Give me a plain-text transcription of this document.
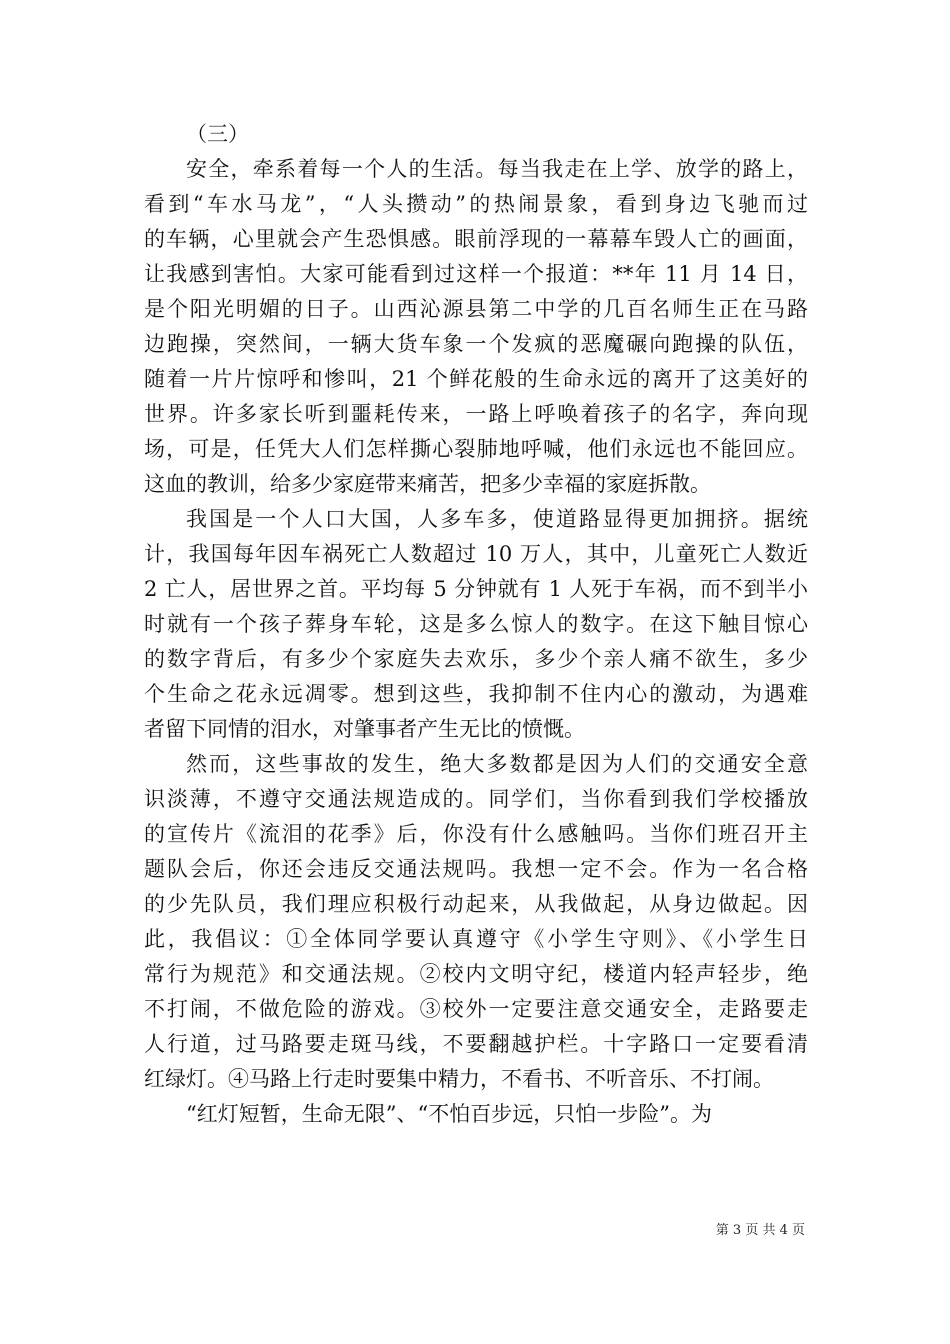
（三）

安全，牵系着每一个人的生活。每当我走在上学、放学的路上，

看到“车水马龙”，“人头攒动”的热闹景象，看到身边飞驰而过

的车辆，心里就会产生恐惧感。眼前浮现的一幕幕车毁人亡的画面，

让我感到害怕。大家可能看到过这样一个报道：**年 11 月 14 日，

是个阳光明媚的日子。山西沁源县第二中学的几百名师生正在马路

边跑操，突然间，一辆大货车象一个发疯的恶魔碾向跑操的队伍，

随着一片片惊呼和惨叫，21 个鲜花般的生命永远的离开了这美好的

世界。许多家长听到噩耗传来，一路上呼唤着孩子的名字，奔向现

场，可是，任凭大人们怎样撕心裂肺地呼喊，他们永远也不能回应。

这血的教训，给多少家庭带来痛苦，把多少幸福的家庭拆散。

我国是一个人口大国，人多车多，使道路显得更加拥挤。据统

计，我国每年因车祸死亡人数超过 10 万人，其中，儿童死亡人数近

2 亡人，居世界之首。平均每 5 分钟就有 1 人死于车祸，而不到半小

时就有一个孩子葬身车轮，这是多么惊人的数字。在这下触目惊心

的数字背后，有多少个家庭失去欢乐，多少个亲人痛不欲生，多少

个生命之花永远凋零。想到这些，我抑制不住内心的激动，为遇难

者留下同情的泪水，对肇事者产生无比的愤慨。

然而，这些事故的发生，绝大多数都是因为人们的交通安全意

识淡薄，不遵守交通法规造成的。同学们，当你看到我们学校播放

的宣传片《流泪的花季》后，你没有什么感触吗。当你们班召开主

题队会后，你还会违反交通法规吗。我想一定不会。作为一名合格

的少先队员，我们理应积极行动起来，从我做起，从身边做起。因

此，我倡议：①全体同学要认真遵守《小学生守则》、《小学生日

常行为规范》和交通法规。②校内文明守纪，楼道内轻声轻步，绝

不打闹，不做危险的游戏。③校外一定要注意交通安全，走路要走

人行道，过马路要走斑马线，不要翻越护栏。十字路口一定要看清

红绿灯。④马路上行走时要集中精力，不看书、不听音乐、不打闹。

“红灯短暂，生命无限”、“不怕百步远，只怕一步险”。为

第 3 页 共 4 页
